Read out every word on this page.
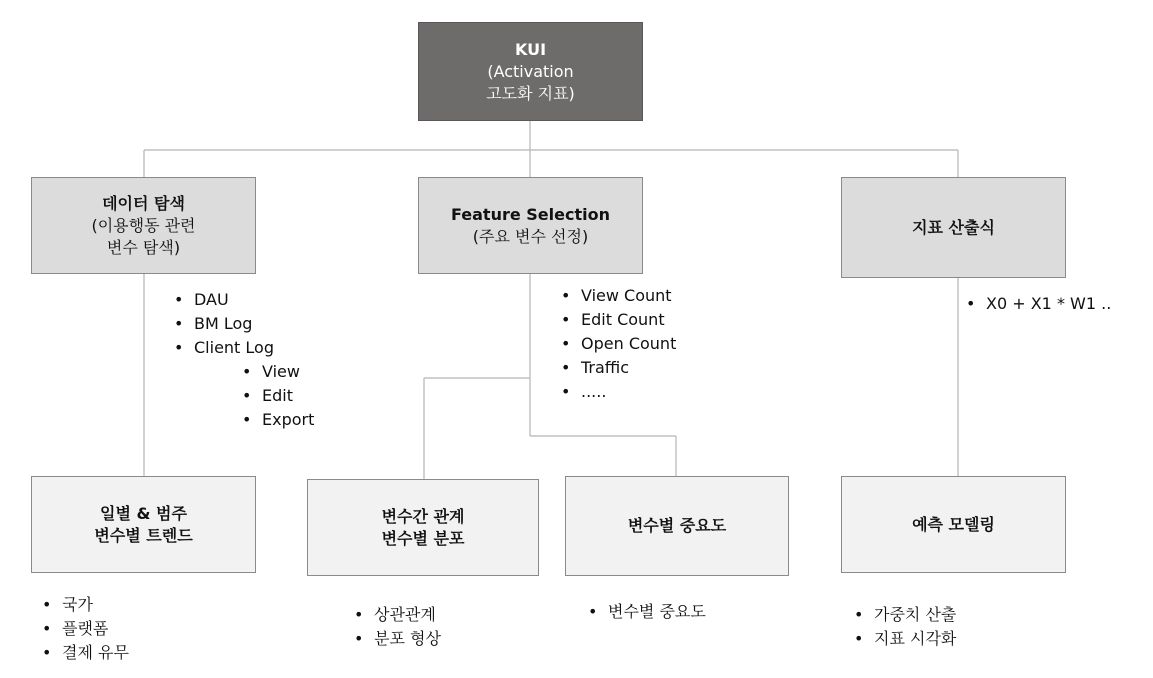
KUI
(Activation
고도화 지표)
데이터 탐색
(이용행동 관련
변수 탐색)
Feature Selection
(주요 변수 선정)	지표 산출식
일별 & 범주
변수별 트렌드
변수간 관계
변수별 분포
변수별 중요도	예측 모델링
• DAU
• BM Log
• Client Log
• View
• Edit
• Export
• View Count
• Edit Count
• Open Count
• Traffic
• .....
• X0 + X1 * W1 ..
• 국가
• 플랫폼
• 결제 유무
• 상관관계
• 분포 형상
• 변수별 중요도
•	가중치 산출
• 지표 시각화
